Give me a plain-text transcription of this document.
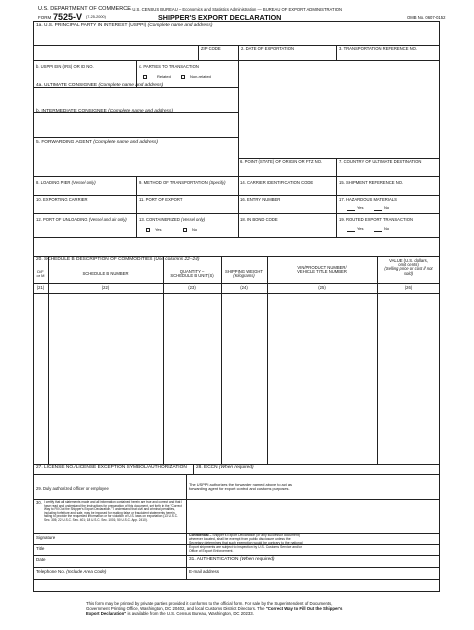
U.S. DEPARTMENT OF COMMERCE
— U.S. CENSUS BUREAU – Economics and Statistics Administration — BUREAU OF EXPORT ADMINISTRATION
FORM 7525-V (7-25-2000)	SHIPPER'S EXPORT DECLARATION	OMB No. 0607-0152
1a. U.S. PRINCIPAL PARTY IN INTEREST (USPPI) (Complete name and address)
ZIP CODE	2. DATE OF EXPORTATION	3. TRANSPORTATION REFERENCE NO.
b. USPPI EIN (IRS) OR ID NO.	c. PARTIES TO TRANSACTION
Related	Non-related
4a. ULTIMATE CONSIGNEE (Complete name and address)
b. INTERMEDIATE CONSIGNEE (Complete name and address)
5. FORWARDING AGENT (Complete name and address)
6. POINT (STATE) OF ORIGIN OR FTZ NO.	7. COUNTRY OF ULTIMATE DESTINATION
8. LOADING PIER (Vessel only)	9. METHOD OF TRANSPORTATION (Specify)	14. CARRIER IDENTIFICATION CODE	15. SHIPMENT REFERENCE NO.
10. EXPORTING CARRIER	11. PORT OF EXPORT	16. ENTRY NUMBER	17. HAZARDOUS MATERIALS
Yes	No
12. PORT OF UNLOADING (Vessel and air only)	13. CONTAINERIZED (Vessel only)
Yes	No
18. IN BOND CODE	19. ROUTED EXPORT TRANSACTION
Yes	No
20. SCHEDULE B DESCRIPTION OF COMMODITIES (Use columns 22–24)
D/F
or M	SCHEDULE B NUMBER	QUANTITY –
SCHEDULE B UNIT(S)
SHIPPING WEIGHT
(Kilograms)
VIN/PRODUCT NUMBER/
VEHICLE TITLE NUMBER
VALUE (U.S. dollars,
omit cents)
(Selling price or cost if not
sold)
(21)	(22)	(23)	(24)	(25)	(26)
27. LICENSE NO./LICENSE EXCEPTION SYMBOL/AUTHORIZATION 28. ECCN (When required)
29. Duly authorized officer or employee
The USPPI authorizes the forwarder named above to act as forwarding agent for export control and customs purposes.
30. I certify that all statements made and all information contained herein are true and correct and that I have read and understand the instructions for preparation of this document, set forth in the "Correct Way to Fill Out the Shipper's Export Declaration." I understand that civil and criminal penalties, including forfeiture and sale, may be imposed for making false or fraudulent statements herein, failing to provide the requested information or for violation of U.S. laws on exportation (13 U.S.C. Sec. 305; 22 U.S.C. Sec. 401; 18 U.S.C. Sec. 1001; 50 U.S.C. App. 2410).
Signature	Confidential – Shipper's Export Declaration (or any successor document) wherever located, shall be exempt from public disclosure unless the Secretary determines that such exemption would be contrary to the national
Title	Export shipments are subject to inspection by U.S. Customs Service and/or Office of Export Enforcement.
Date	31. AUTHENTICATION (When required)
Telephone No. (Include Area Code)	E-mail address
This form may be printed by private parties provided it conforms to the official form. For sale by the Superintendent of Documents,
Government Printing Office, Washington, DC 20402, and local Customs District Directors. The "Correct Way to Fill Out the Shipper's
Export Declaration" is available from the U.S. Census Bureau, Washington, DC 20233.
